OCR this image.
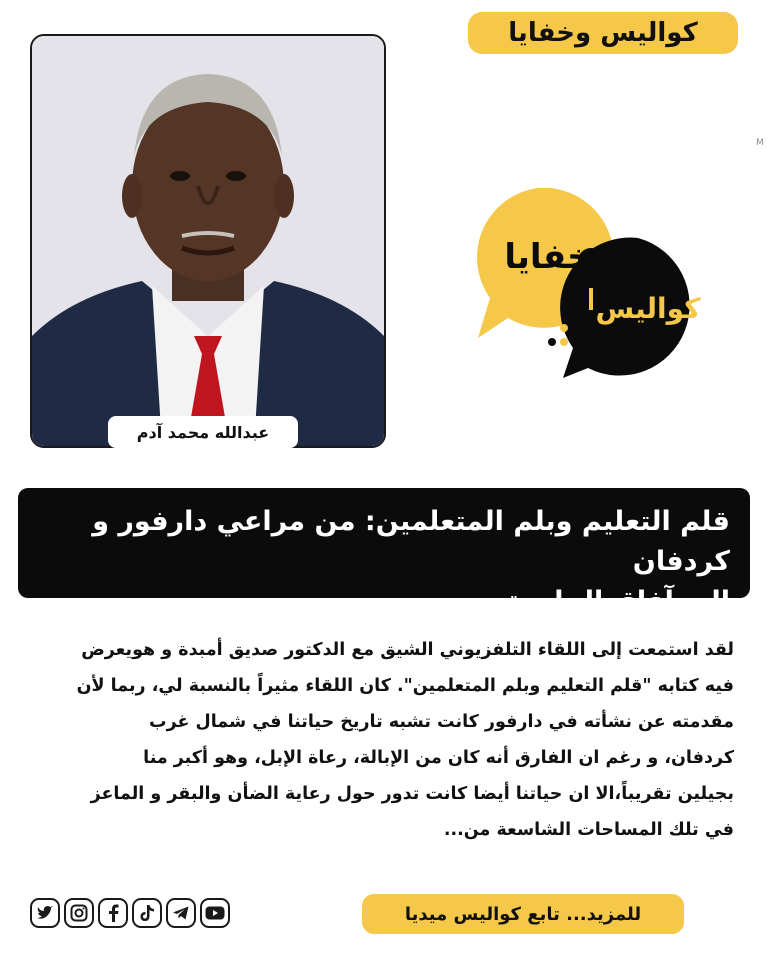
كواليس وخفايا
عبدالله محمد آدم
خفايا
كواليس
M
قلم التعليم وبلم المتعلمين: من مراعي دارفور و كردفان
إلى آفاق الجامعة
لقد استمعت إلى اللقاء التلفزيوني الشيق مع الدكتور صديق أمبدة و هويعرض
فيه كتابه "قلم التعليم وبلم المتعلمين". كان اللقاء مثيراً بالنسبة لي، ربما لأن
مقدمته عن نشأته في دارفور كانت تشبه تاريخ حياتنا في شمال غرب
كردفان، و رغم ان الفارق أنه كان من الإبالة، رعاة الإبل، وهو أكبر منا
بجيلين تقريباً،الا ان حياتنا أيضا كانت تدور حول رعاية الضأن والبقر و الماعز
في تلك المساحات الشاسعة من...
للمزيد... تابع كواليس ميديا
